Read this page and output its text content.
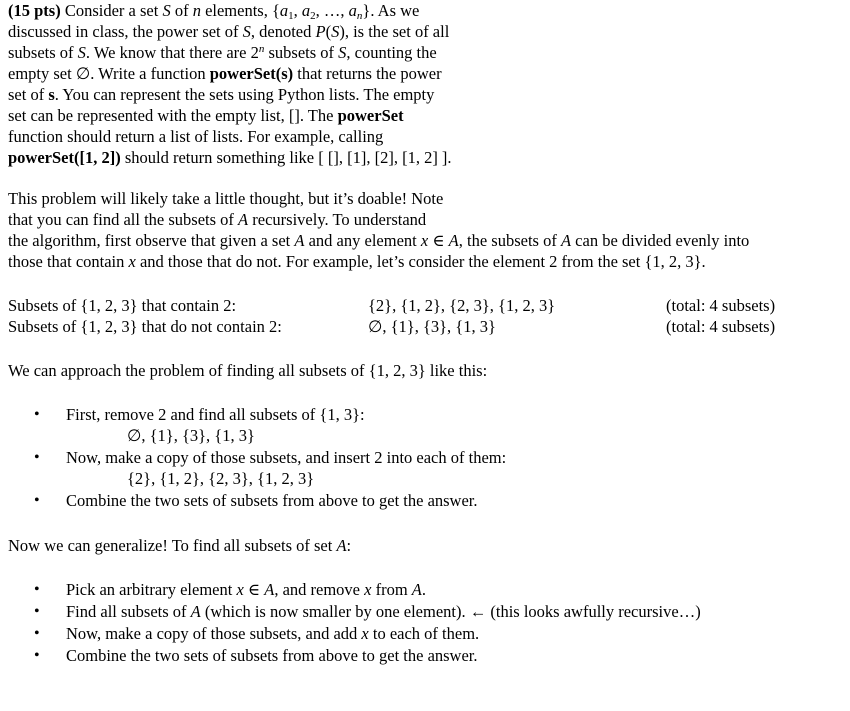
(15 pts) Consider a set S of n elements, {$a_1$, $a_2$, …, $a_n$}. As we
discussed in class, the power set of S, denoted P(S), is the set of all
subsets of S. We know that there are 2$^n$ subsets of S, counting the
empty set ∅. Write a function powerSet(s) that returns the power
set of s. You can represent the sets using Python lists. The empty
set can be represented with the empty list, []. The powerSet
function should return a list of lists. For example, calling
powerSet([1, 2]) should return something like [ [], [1], [2], [1, 2] ].
This problem will likely take a little thought, but it’s doable! Note
that you can find all the subsets of A recursively. To understand
the algorithm, first observe that given a set A and any element x ∈ A, the subsets of A can be divided evenly into
those that contain x and those that do not. For example, let’s consider the element 2 from the set {1, 2, 3}.
Subsets of {1, 2, 3} that contain 2:	{2}, {1, 2}, {2, 3}, {1, 2, 3}	(total: 4 subsets)
Subsets of {1, 2, 3} that do not contain 2:	∅, {1}, {3}, {1, 3}	(total: 4 subsets)
We can approach the problem of finding all subsets of {1, 2, 3} like this:
• First, remove 2 and find all subsets of {1, 3}:
∅, {1}, {3}, {1, 3}
• Now, make a copy of those subsets, and insert 2 into each of them:
{2}, {1, 2}, {2, 3}, {1, 2, 3}
• Combine the two sets of subsets from above to get the answer.
Now we can generalize! To find all subsets of set A:
• Pick an arbitrary element x ∈ A, and remove x from A.
• Find all subsets of A (which is now smaller by one element). ← (this looks awfully recursive…)
• Now, make a copy of those subsets, and add x to each of them.
• Combine the two sets of subsets from above to get the answer.
